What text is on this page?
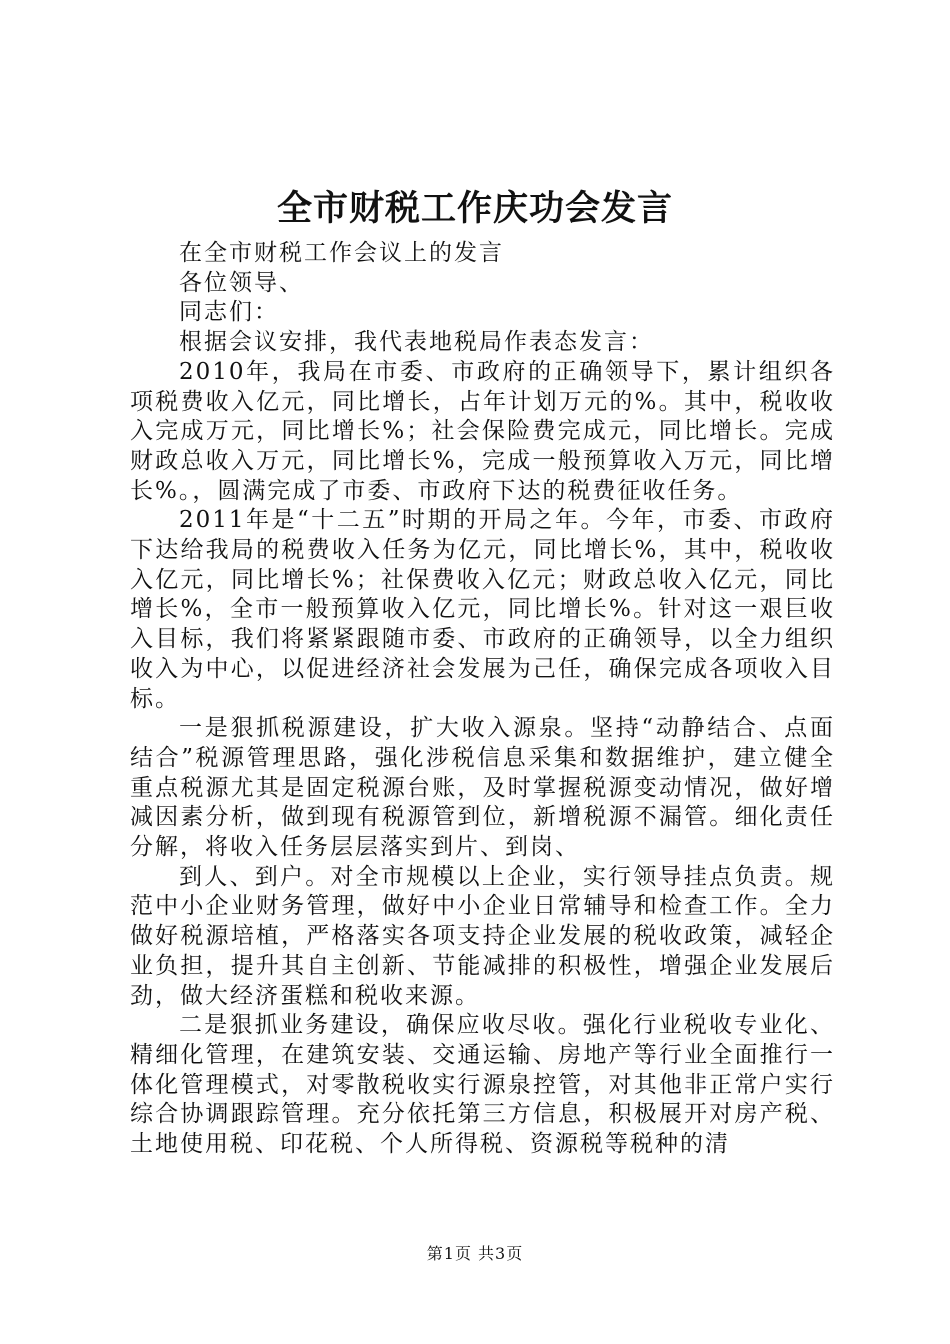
全市财税工作庆功会发言

在全市财税工作会议上的发言

各位领导、

同志们：

根据会议安排，我代表地税局作表态发言：

2010年，我局在市委、市政府的正确领导下，累计组织各项税费收入亿元，同比增长，占年计划万元的%。其中，税收收入完成万元，同比增长%；社会保险费完成元，同比增长。完成财政总收入万元，同比增长%，完成一般预算收入万元，同比增长%。，圆满完成了市委、市政府下达的税费征收任务。

2011年是“十二五”时期的开局之年。今年，市委、市政府下达给我局的税费收入任务为亿元，同比增长%，其中，税收收入亿元，同比增长%；社保费收入亿元；财政总收入亿元，同比增长%，全市一般预算收入亿元，同比增长%。针对这一艰巨收入目标，我们将紧紧跟随市委、市政府的正确领导，以全力组织收入为中心，以促进经济社会发展为己任，确保完成各项收入目标。

一是狠抓税源建设，扩大收入源泉。坚持“动静结合、点面结合”税源管理思路，强化涉税信息采集和数据维护，建立健全重点税源尤其是固定税源台账，及时掌握税源变动情况，做好增减因素分析，做到现有税源管到位，新增税源不漏管。细化责任分解，将收入任务层层落实到片、到岗、

到人、到户。对全市规模以上企业，实行领导挂点负责。规范中小企业财务管理，做好中小企业日常辅导和检查工作。全力做好税源培植，严格落实各项支持企业发展的税收政策，减轻企业负担，提升其自主创新、节能减排的积极性，增强企业发展后劲，做大经济蛋糕和税收来源。

二是狠抓业务建设，确保应收尽收。强化行业税收专业化、精细化管理，在建筑安装、交通运输、房地产等行业全面推行一体化管理模式，对零散税收实行源泉控管，对其他非正常户实行综合协调跟踪管理。充分依托第三方信息，积极展开对房产税、土地使用税、印花税、个人所得税、资源税等税种的清

第1页 共3页
